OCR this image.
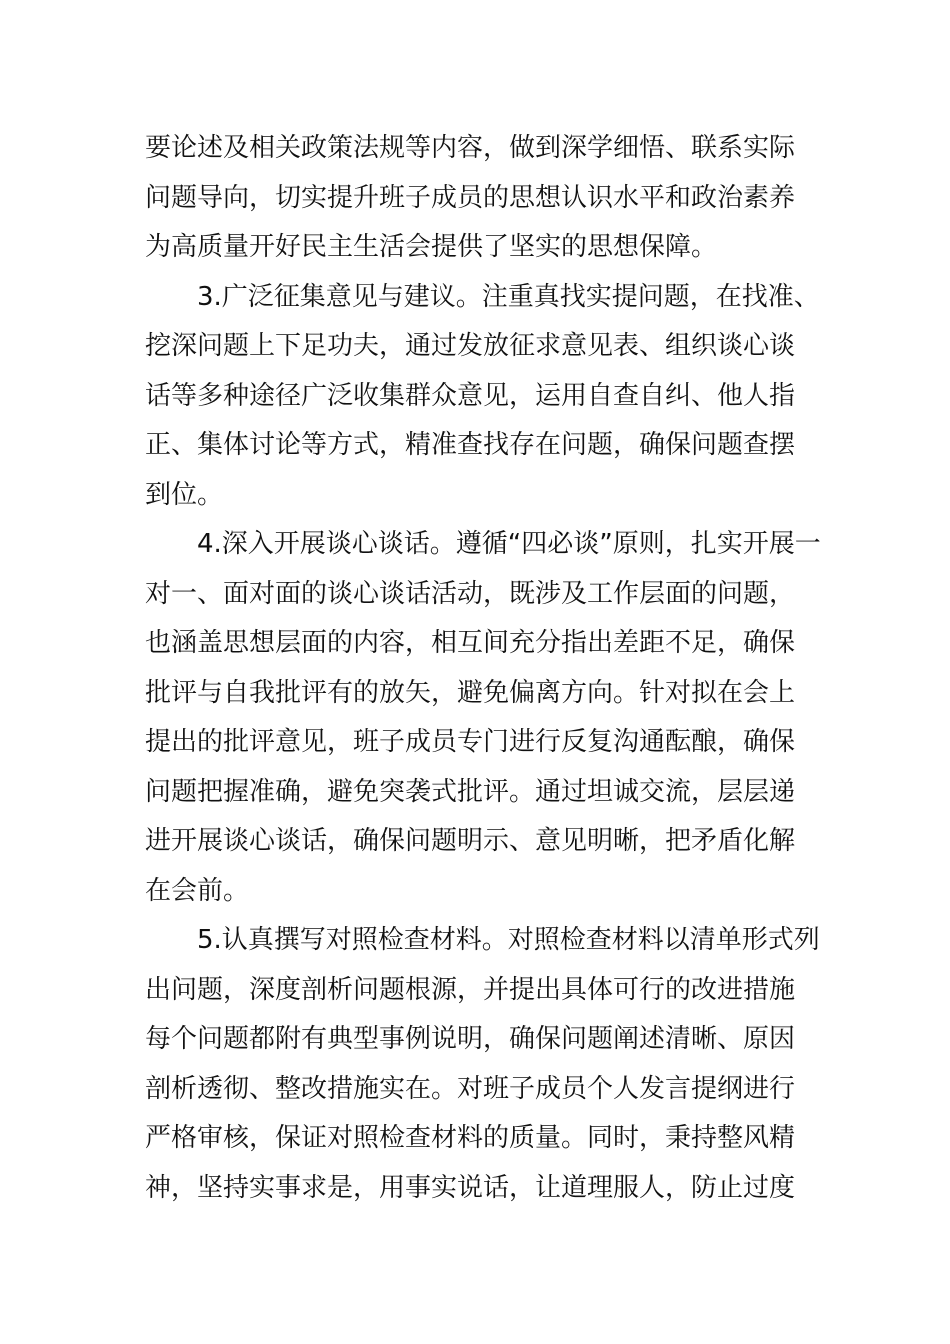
要论述及相关政策法规等内容，做到深学细悟、联系实际
问题导向，切实提升班子成员的思想认识水平和政治素养
为高质量开好民主生活会提供了坚实的思想保障。
3.广泛征集意见与建议。注重真找实提问题，在找准、
挖深问题上下足功夫，通过发放征求意见表、组织谈心谈
话等多种途径广泛收集群众意见，运用自查自纠、他人指
正、集体讨论等方式，精准查找存在问题，确保问题查摆
到位。
4.深入开展谈心谈话。遵循“四必谈”原则，扎实开展一
对一、面对面的谈心谈话活动，既涉及工作层面的问题，
也涵盖思想层面的内容，相互间充分指出差距不足，确保
批评与自我批评有的放矢，避免偏离方向。针对拟在会上
提出的批评意见，班子成员专门进行反复沟通酝酿，确保
问题把握准确，避免突袭式批评。通过坦诚交流，层层递
进开展谈心谈话，确保问题明示、意见明晰，把矛盾化解
在会前。
5.认真撰写对照检查材料。对照检查材料以清单形式列
出问题，深度剖析问题根源，并提出具体可行的改进措施
每个问题都附有典型事例说明，确保问题阐述清晰、原因
剖析透彻、整改措施实在。对班子成员个人发言提纲进行
严格审核，保证对照检查材料的质量。同时，秉持整风精
神，坚持实事求是，用事实说话，让道理服人，防止过度
